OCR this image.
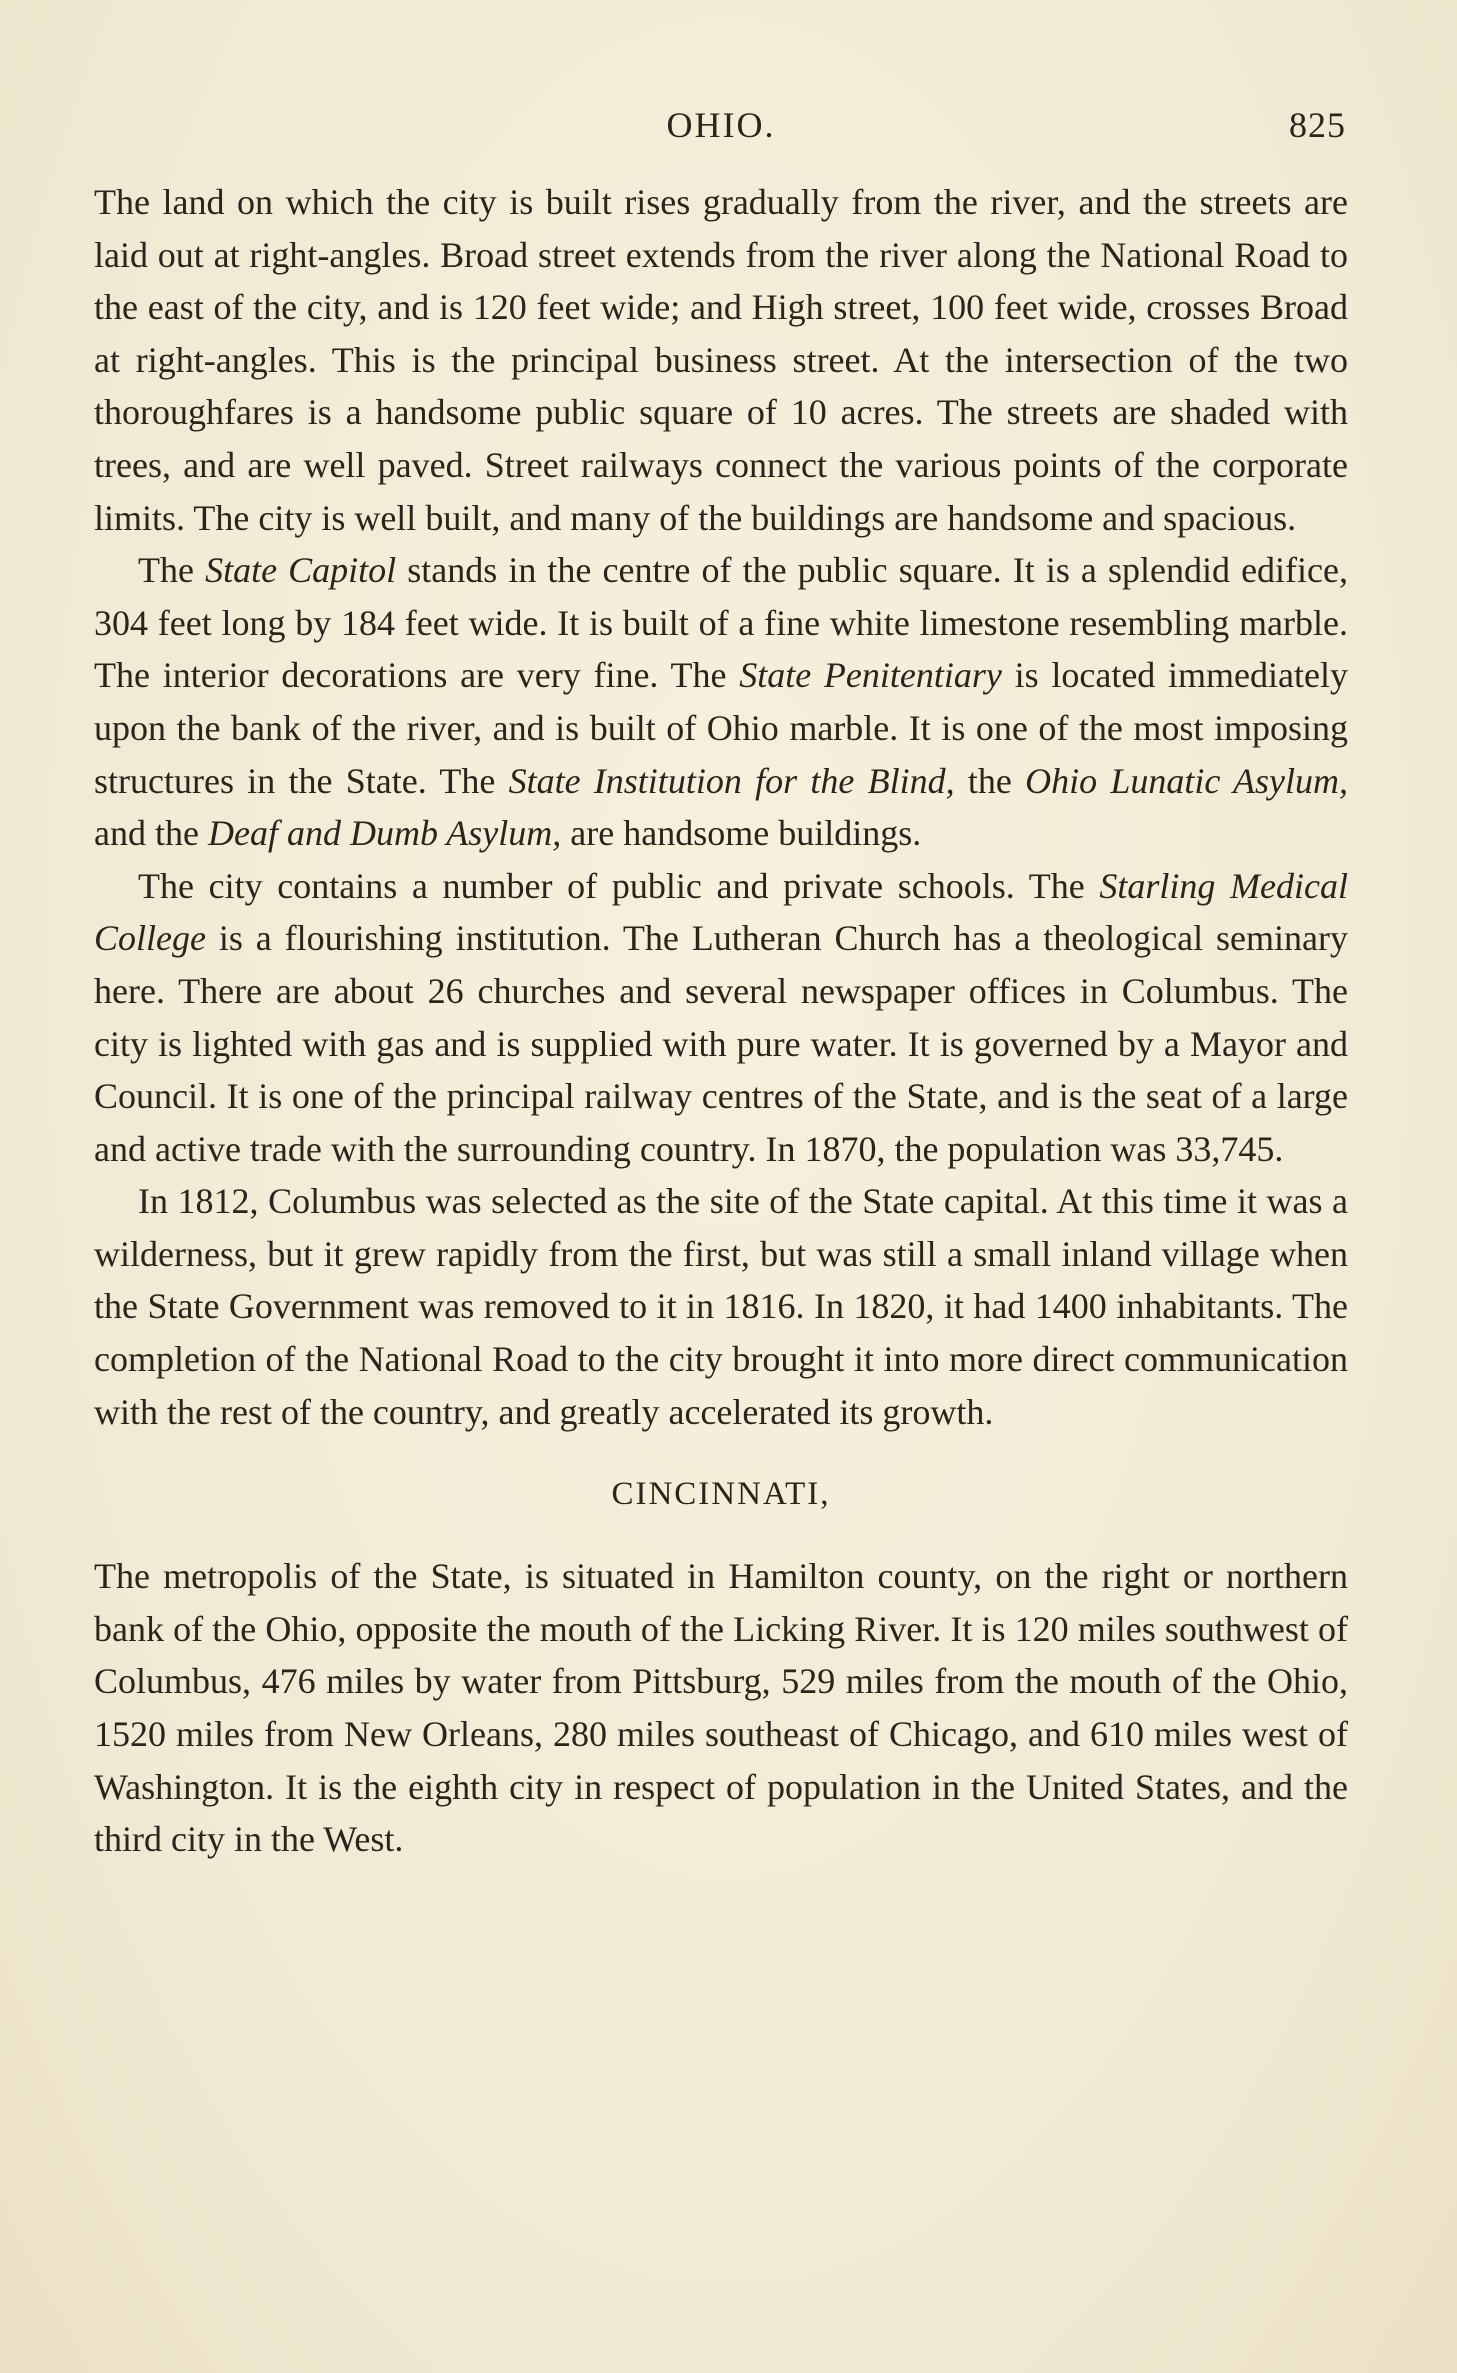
OHIO.	825

The land on which the city is built rises gradually from the river, and the streets are laid out at right-angles. Broad street extends from the river along the National Road to the east of the city, and is 120 feet wide; and High street, 100 feet wide, crosses Broad at right-angles. This is the principal business street. At the intersection of the two thoroughfares is a handsome public square of 10 acres. The streets are shaded with trees, and are well paved. Street railways connect the various points of the corporate limits. The city is well built, and many of the buildings are handsome and spacious.

The State Capitol stands in the centre of the public square. It is a splendid edifice, 304 feet long by 184 feet wide. It is built of a fine white limestone resembling marble. The interior decorations are very fine. The State Penitentiary is located immediately upon the bank of the river, and is built of Ohio marble. It is one of the most imposing structures in the State. The State Institution for the Blind, the Ohio Lunatic Asylum, and the Deaf and Dumb Asylum, are handsome buildings.

The city contains a number of public and private schools. The Starling Medical College is a flourishing institution. The Lutheran Church has a theological seminary here. There are about 26 churches and several newspaper offices in Columbus. The city is lighted with gas and is supplied with pure water. It is governed by a Mayor and Council. It is one of the principal railway centres of the State, and is the seat of a large and active trade with the surrounding country. In 1870, the population was 33,745.

In 1812, Columbus was selected as the site of the State capital. At this time it was a wilderness, but it grew rapidly from the first, but was still a small inland village when the State Government was removed to it in 1816. In 1820, it had 1400 inhabitants. The completion of the National Road to the city brought it into more direct communication with the rest of the country, and greatly accelerated its growth.

CINCINNATI,

The metropolis of the State, is situated in Hamilton county, on the right or northern bank of the Ohio, opposite the mouth of the Licking River. It is 120 miles southwest of Columbus, 476 miles by water from Pittsburg, 529 miles from the mouth of the Ohio, 1520 miles from New Orleans, 280 miles southeast of Chicago, and 610 miles west of Washington. It is the eighth city in respect of population in the United States, and the third city in the West.
